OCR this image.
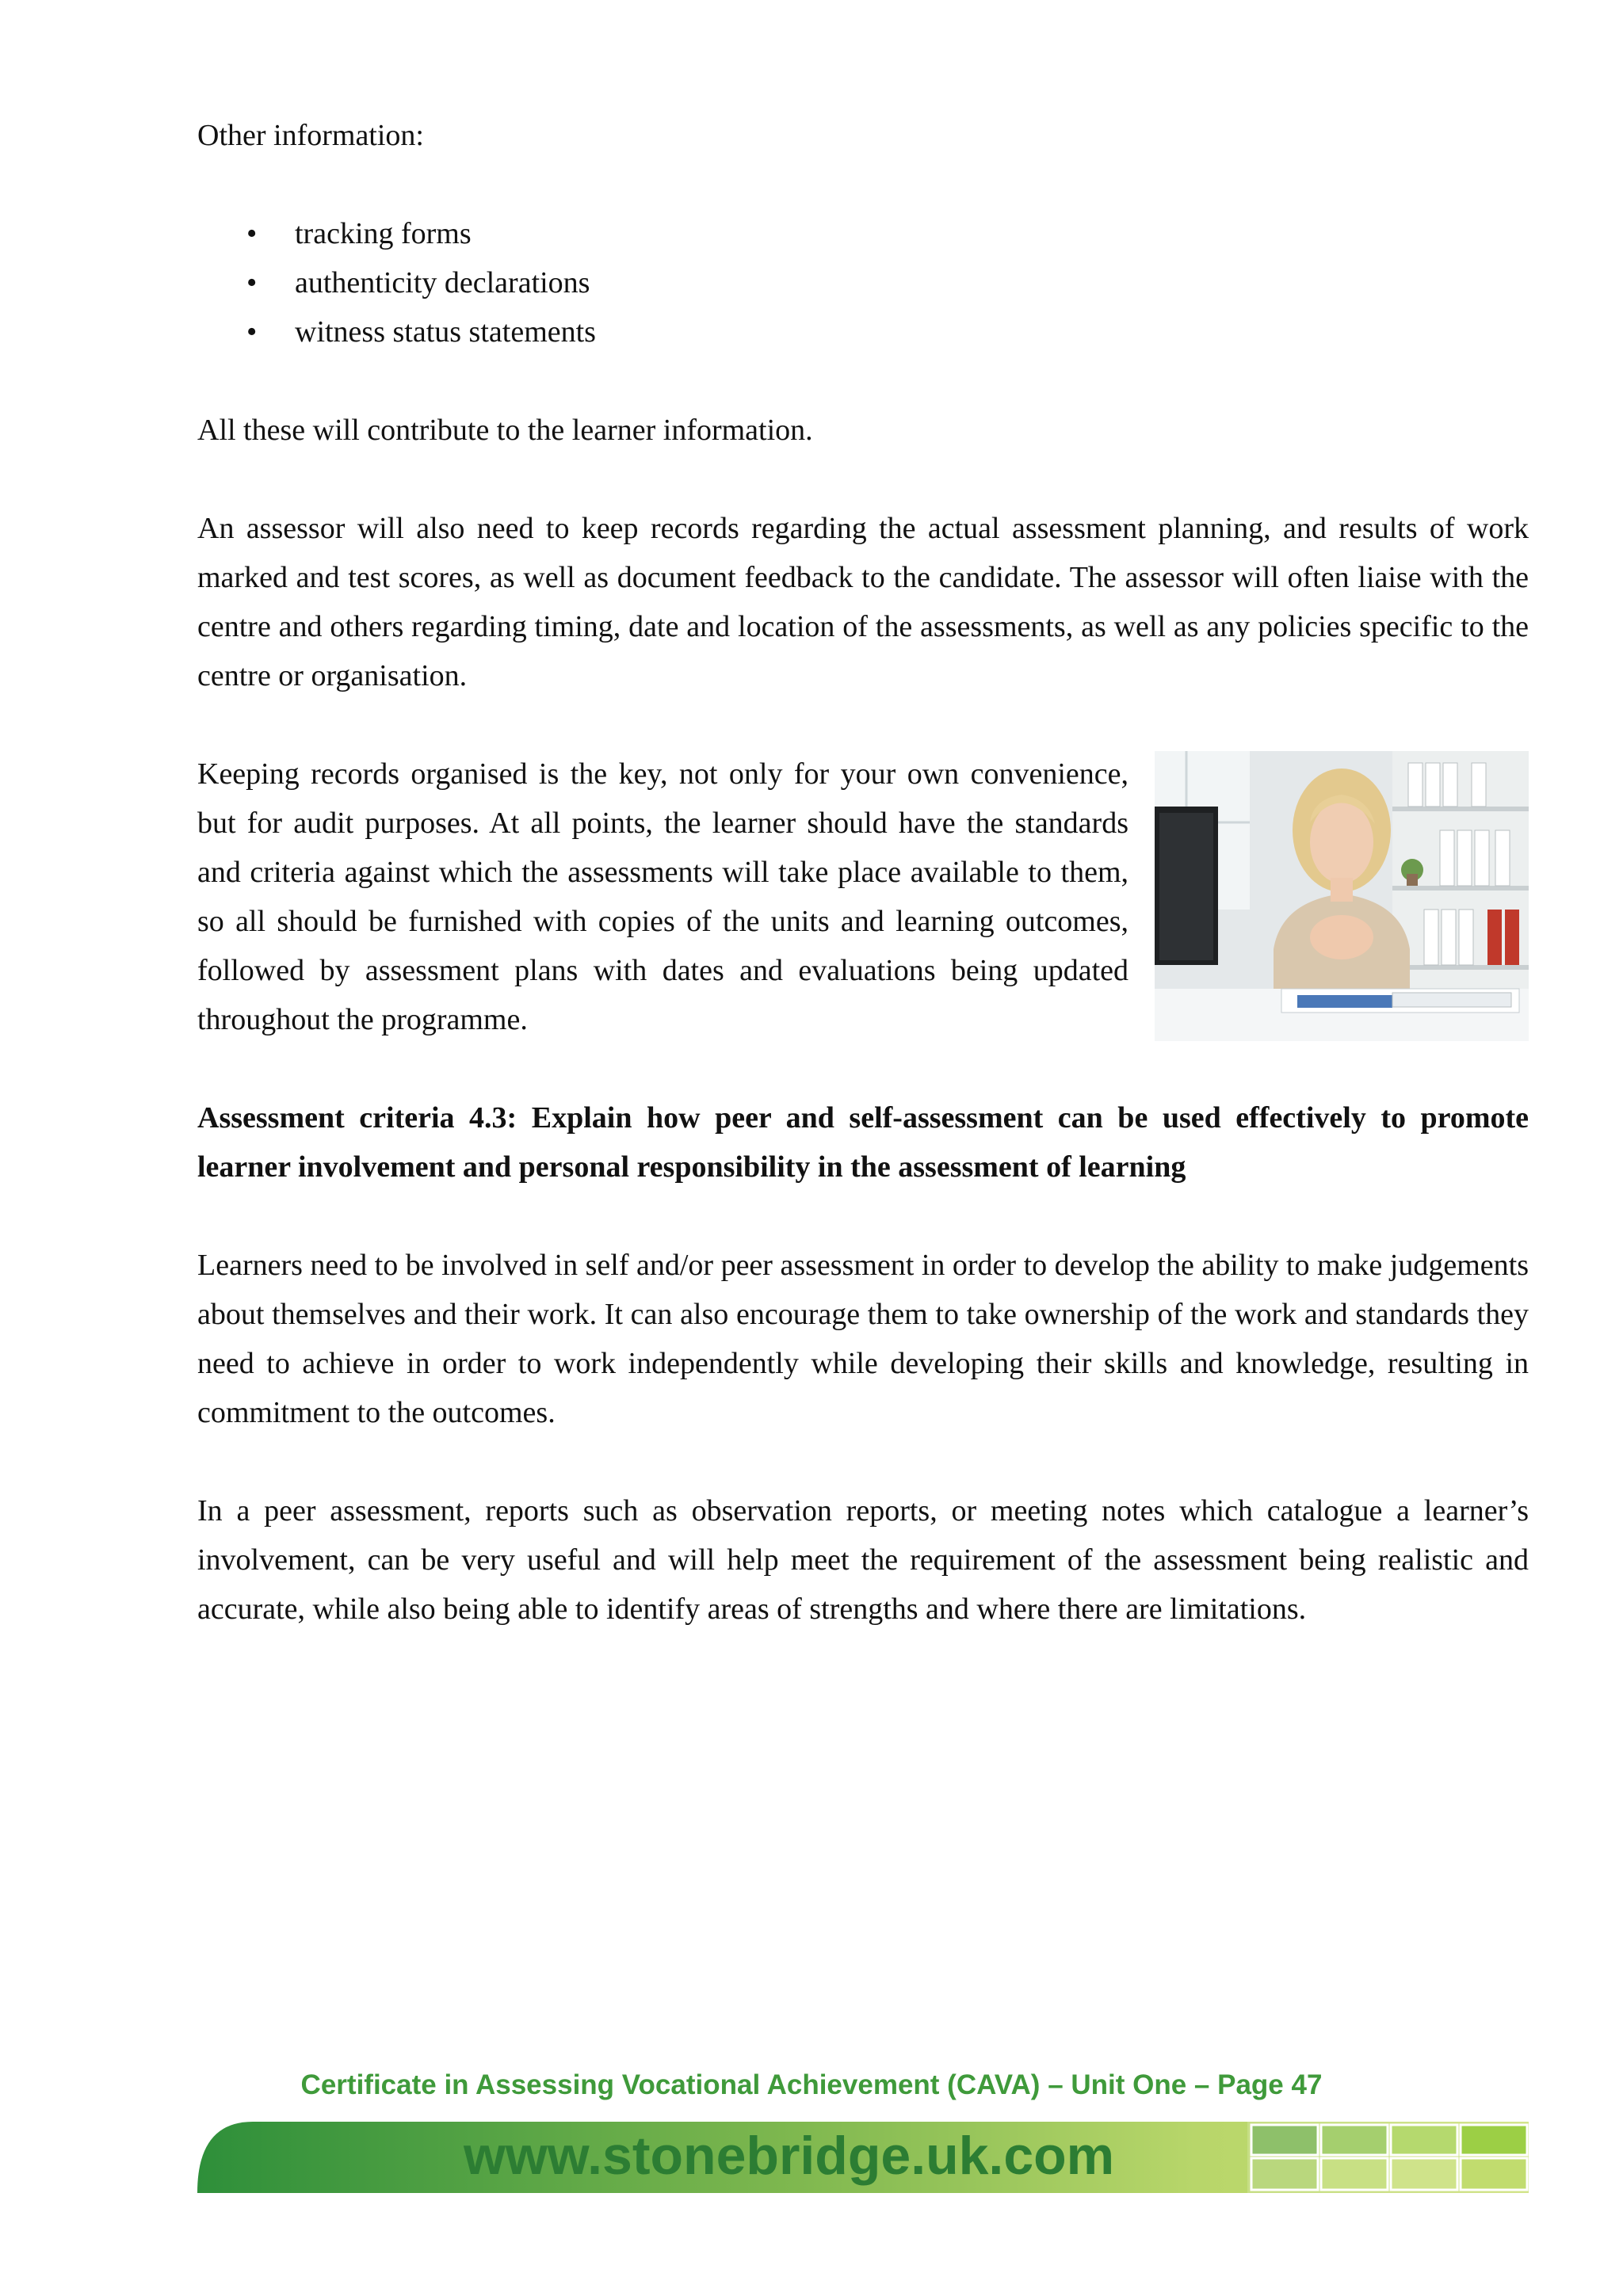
Other information:

• tracking forms
• authenticity declarations
• witness status statements

All these will contribute to the learner information.

An assessor will also need to keep records regarding the actual assessment planning, and results of work marked and test scores, as well as document feedback to the candidate. The assessor will often liaise with the centre and others regarding timing, date and location of the assessments, as well as any policies specific to the centre or organisation.

Keeping records organised is the key, not only for your own convenience, but for audit purposes. At all points, the learner should have the standards and criteria against which the assessments will take place available to them, so all should be furnished with copies of the units and learning outcomes, followed by assessment plans with dates and evaluations being updated throughout the programme.

Assessment criteria 4.3: Explain how peer and self-assessment can be used effectively to promote learner involvement and personal responsibility in the assessment of learning

Learners need to be involved in self and/or peer assessment in order to develop the ability to make judgements about themselves and their work. It can also encourage them to take ownership of the work and standards they need to achieve in order to work independently while developing their skills and knowledge, resulting in commitment to the outcomes.

In a peer assessment, reports such as observation reports, or meeting notes which catalogue a learner’s involvement, can be very useful and will help meet the requirement of the assessment being realistic and accurate, while also being able to identify areas of strengths and where there are limitations.

Certificate in Assessing Vocational Achievement (CAVA) – Unit One – Page 47
www.stonebridge.uk.com
